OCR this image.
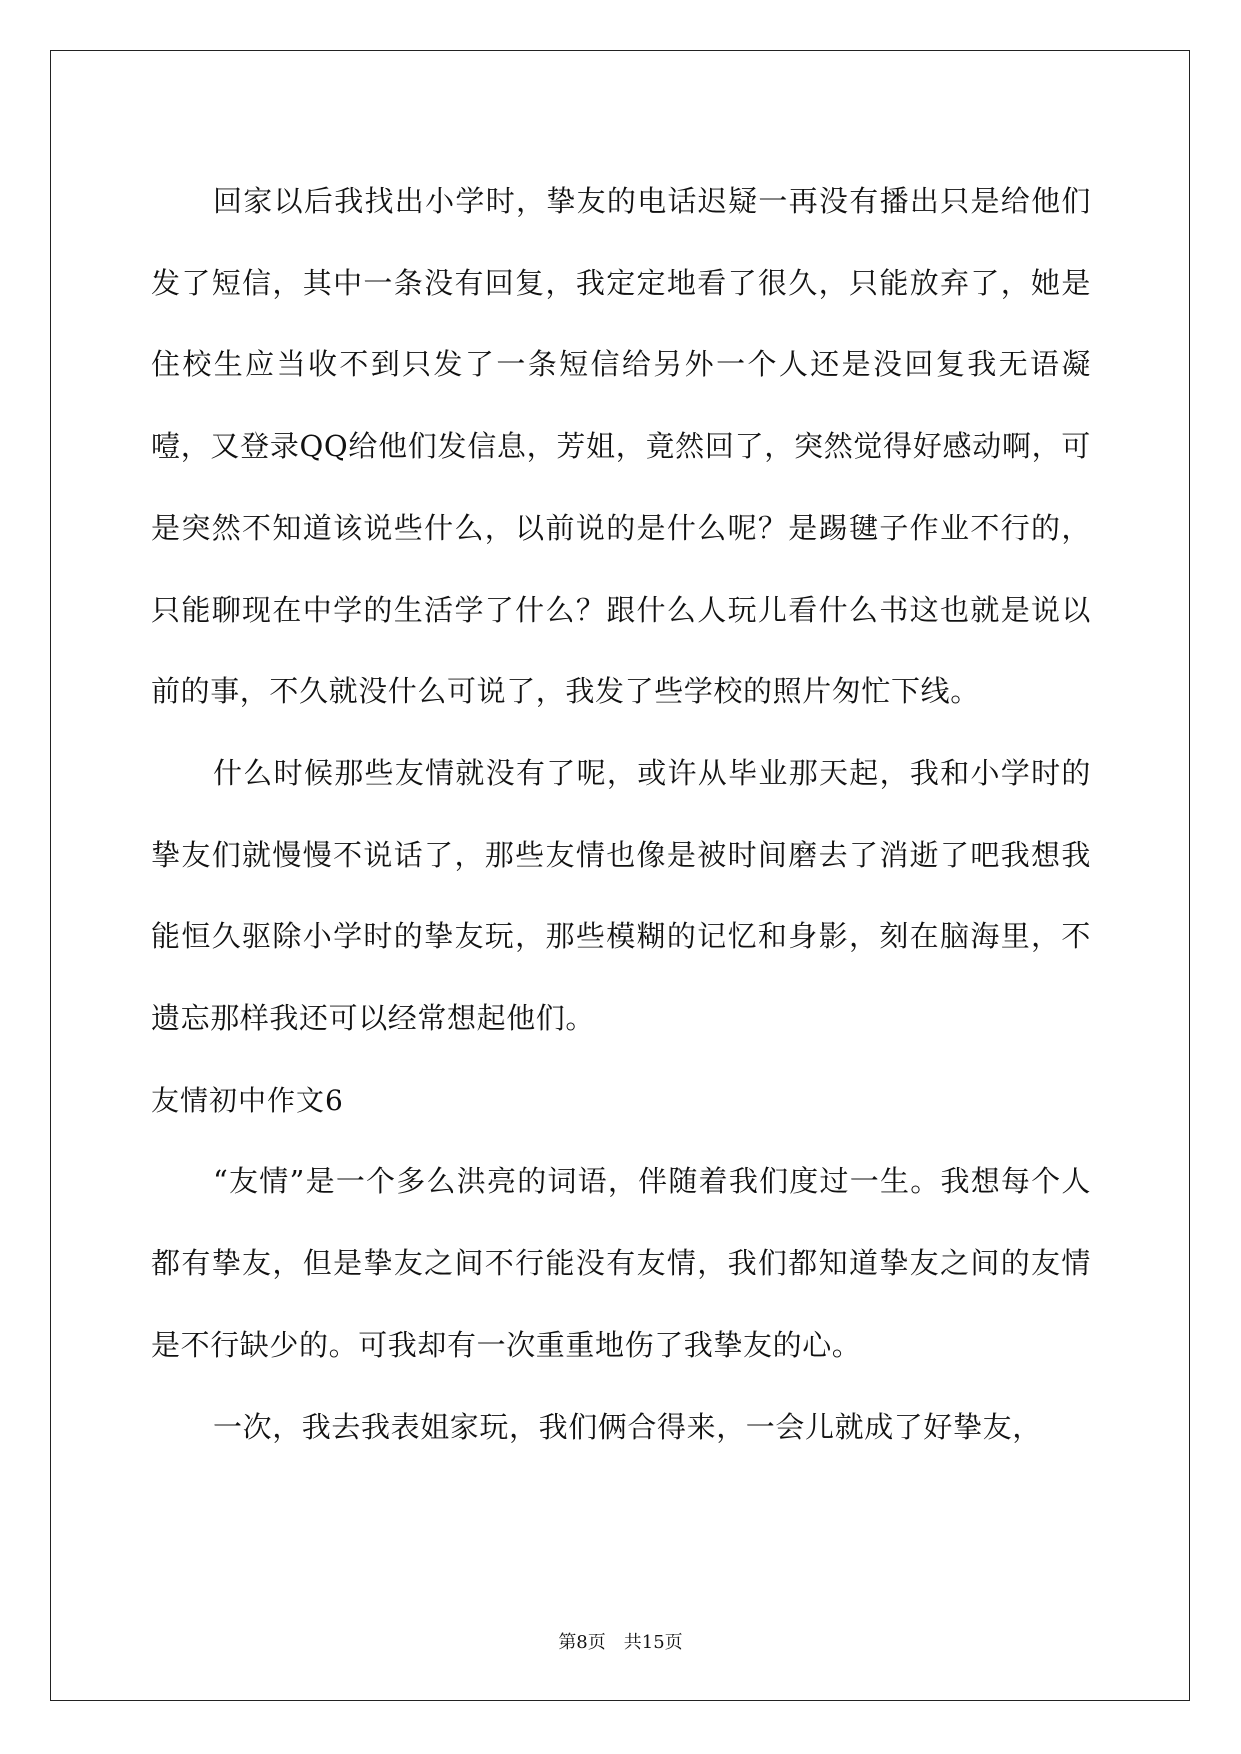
回家以后我找出小学时，挚友的电话迟疑一再没有播出只是给他们发了短信，其中一条没有回复，我定定地看了很久，只能放弃了，她是住校生应当收不到只发了一条短信给另外一个人还是没回复我无语凝噎，又登录QQ给他们发信息，芳姐，竟然回了，突然觉得好感动啊，可是突然不知道该说些什么，以前说的是什么呢？是踢毽子作业不行的，只能聊现在中学的生活学了什么？跟什么人玩儿看什么书这也就是说以前的事，不久就没什么可说了，我发了些学校的照片匆忙下线。

什么时候那些友情就没有了呢，或许从毕业那天起，我和小学时的挚友们就慢慢不说话了，那些友情也像是被时间磨去了消逝了吧我想我能恒久驱除小学时的挚友玩，那些模糊的记忆和身影，刻在脑海里，不遗忘那样我还可以经常想起他们。

友情初中作文6

“友情”是一个多么洪亮的词语，伴随着我们度过一生。我想每个人都有挚友，但是挚友之间不行能没有友情，我们都知道挚友之间的友情是不行缺少的。可我却有一次重重地伤了我挚友的心。

一次，我去我表姐家玩，我们俩合得来，一会儿就成了好挚友，

第8页　共15页
